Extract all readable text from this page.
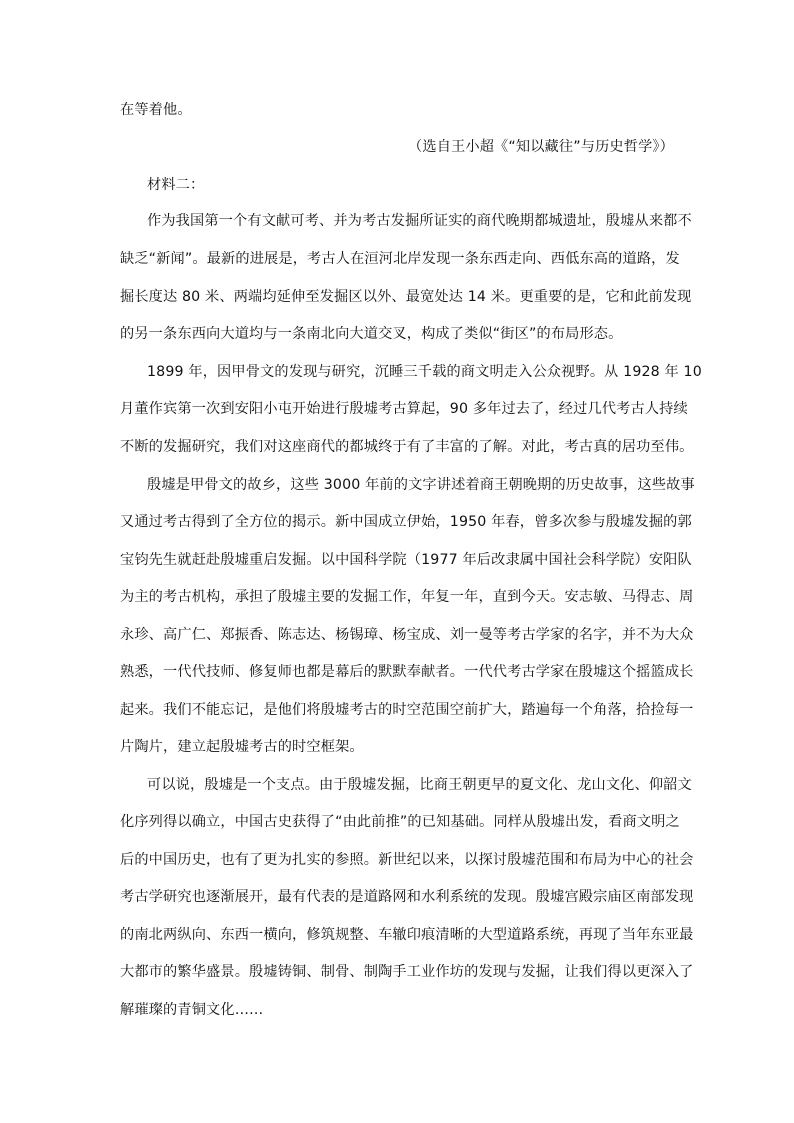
在等着他。
（选自王小超《“知以藏往”与历史哲学》）
材料二：
作为我国第一个有文献可考、并为考古发掘所证实的商代晚期都城遗址，殷墟从来都不
缺乏“新闻”。最新的进展是，考古人在洹河北岸发现一条东西走向、西低东高的道路，发
掘长度达 80 米、两端均延伸至发掘区以外、最宽处达 14 米。更重要的是，它和此前发现
的另一条东西向大道均与一条南北向大道交叉，构成了类似“街区”的布局形态。
1899 年，因甲骨文的发现与研究，沉睡三千载的商文明走入公众视野。从 1928 年 10
月董作宾第一次到安阳小屯开始进行殷墟考古算起，90 多年过去了，经过几代考古人持续
不断的发掘研究，我们对这座商代的都城终于有了丰富的了解。对此，考古真的居功至伟。
殷墟是甲骨文的故乡，这些 3000 年前的文字讲述着商王朝晚期的历史故事，这些故事
又通过考古得到了全方位的揭示。新中国成立伊始，1950 年春，曾多次参与殷墟发掘的郭
宝钧先生就赶赴殷墟重启发掘。以中国科学院（1977 年后改隶属中国社会科学院）安阳队
为主的考古机构，承担了殷墟主要的发掘工作，年复一年，直到今天。安志敏、马得志、周
永珍、高广仁、郑振香、陈志达、杨锡璋、杨宝成、刘一曼等考古学家的名字，并不为大众
熟悉，一代代技师、修复师也都是幕后的默默奉献者。一代代考古学家在殷墟这个摇篮成长
起来。我们不能忘记，是他们将殷墟考古的时空范围空前扩大，踏遍每一个角落，拾捡每一
片陶片，建立起殷墟考古的时空框架。
可以说，殷墟是一个支点。由于殷墟发掘，比商王朝更早的夏文化、龙山文化、仰韶文
化序列得以确立，中国古史获得了“由此前推”的已知基础。同样从殷墟出发，看商文明之
后的中国历史，也有了更为扎实的参照。新世纪以来，以探讨殷墟范围和布局为中心的社会
考古学研究也逐渐展开，最有代表的是道路网和水利系统的发现。殷墟宫殿宗庙区南部发现
的南北两纵向、东西一横向，修筑规整、车辙印痕清晰的大型道路系统，再现了当年东亚最
大都市的繁华盛景。殷墟铸铜、制骨、制陶手工业作坊的发现与发掘，让我们得以更深入了
解璀璨的青铜文化……
